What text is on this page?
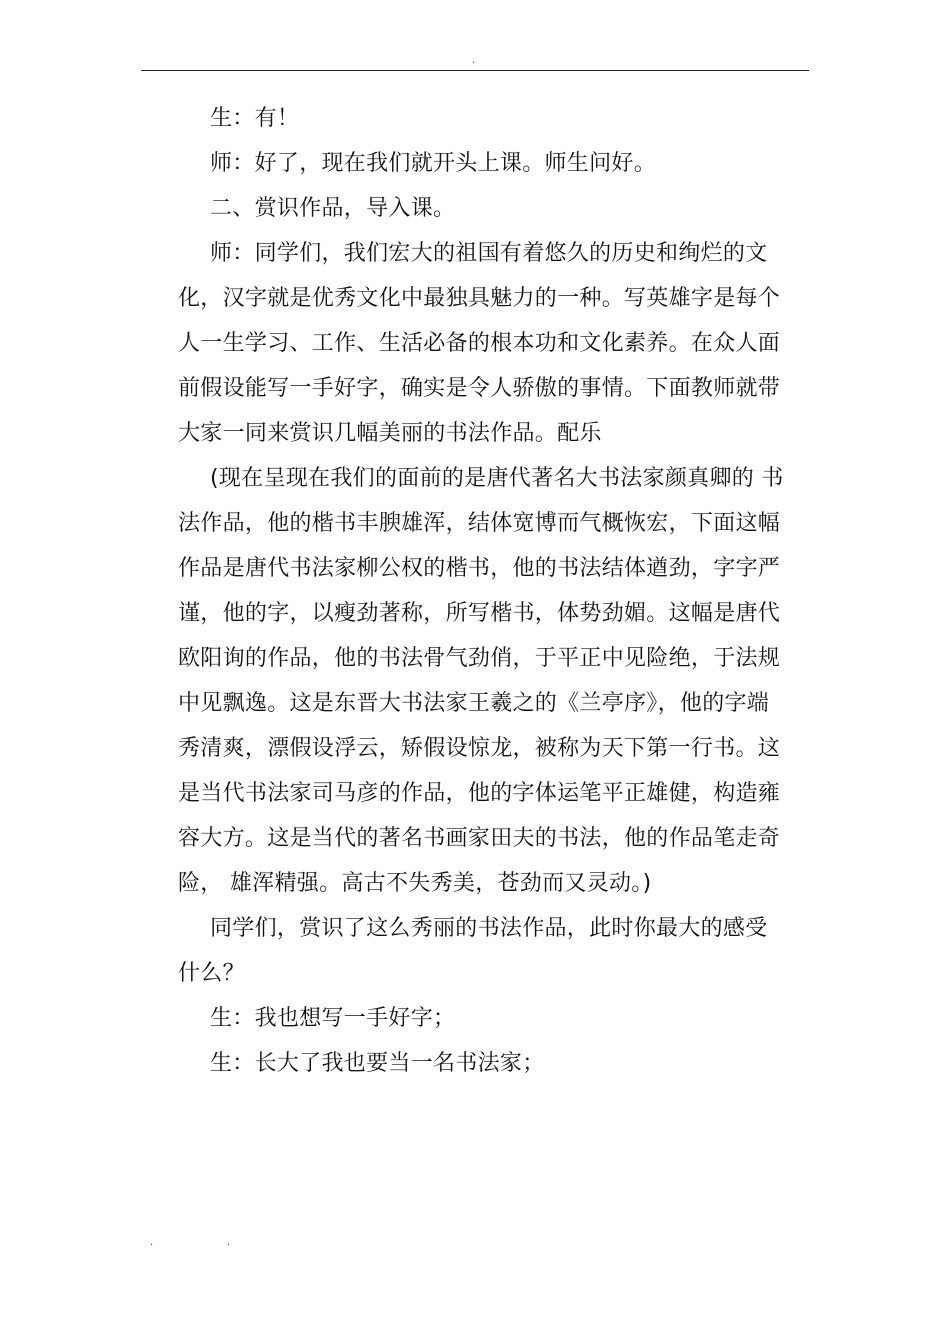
.
生：有！
师：好了，现在我们就开头上课。师生问好。
二、赏识作品，导入课。
师：同学们，我们宏大的祖国有着悠久的历史和绚烂的文
化，汉字就是优秀文化中最独具魅力的一种。写英雄字是每个
人一生学习、工作、生活必备的根本功和文化素养。在众人面
前假设能写一手好字，确实是令人骄傲的事情。下面教师就带
大家一同来赏识几幅美丽的书法作品。配乐
(现在呈现在我们的面前的是唐代著名大书法家颜真卿的 书
法作品，他的楷书丰腴雄浑，结体宽博而气概恢宏，下面这幅
作品是唐代书法家柳公权的楷书，他的书法结体遒劲，字字严
谨，他的字，以瘦劲著称，所写楷书，体势劲媚。这幅是唐代
欧阳询的作品，他的书法骨气劲俏，于平正中见险绝，于法规
中见飘逸。这是东晋大书法家王羲之的《兰亭序》，他的字端
秀清爽，漂假设浮云，矫假设惊龙，被称为天下第一行书。这
是当代书法家司马彦的作品，他的字体运笔平正雄健，构造雍
容大方。这是当代的著名书画家田夫的书法，他的作品笔走奇
险， 雄浑精强。高古不失秀美，苍劲而又灵动。)
同学们，赏识了这么秀丽的书法作品，此时你最大的感受
什么？
生：我也想写一手好字；
生：长大了我也要当一名书法家；
.	.
